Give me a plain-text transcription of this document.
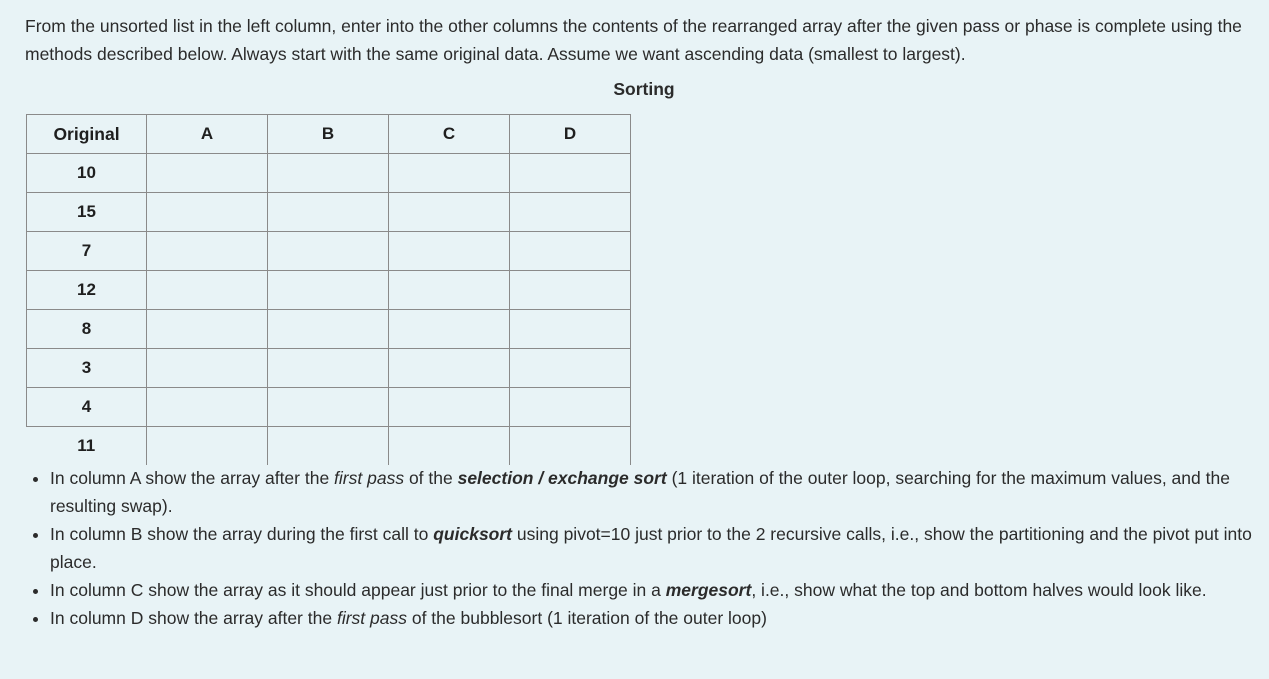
From the unsorted list in the left column, enter into the other columns the contents of the rearranged array after the given pass or phase is complete using the methods described below. Always start with the same original data. Assume we want ascending data (smallest to largest).

Sorting

Original	A	B	C	D
10				
15				
7				
12				
8				
3				
4				
11				
• In column A show the array after the first pass of the selection / exchange sort (1 iteration of the outer loop, searching for the maximum values, and the resulting swap).
• In column B show the array during the first call to quicksort using pivot=10 just prior to the 2 recursive calls, i.e., show the partitioning and the pivot put into place.
• In column C show the array as it should appear just prior to the final merge in a mergesort, i.e., show what the top and bottom halves would look like.
• In column D show the array after the first pass of the bubblesort (1 iteration of the outer loop)
